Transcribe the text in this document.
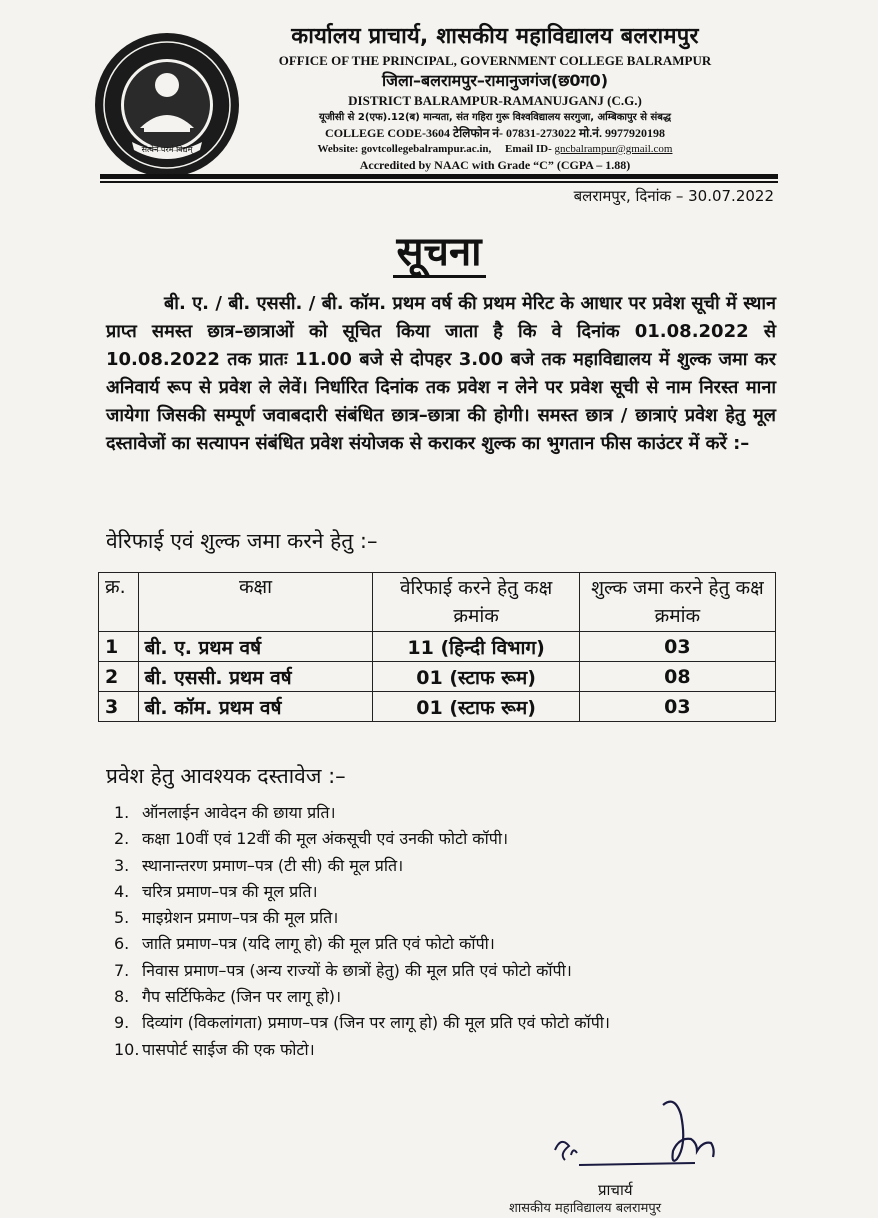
संत्येनं परमं विद्यम्
कार्यालय प्राचार्य, शासकीय महाविद्यालय बलरामपुर
OFFICE OF THE PRINCIPAL, GOVERNMENT COLLEGE BALRAMPUR
जिला–बलरामपुर–रामानुजगंज(छ0ग0)
DISTRICT BALRAMPUR-RAMANUJGANJ (C.G.)
यूजीसी से 2(एफ).12(ब) मान्यता, संत गहिरा गुरू विश्वविद्यालय सरगुजा, अम्बिकापुर से संबद्ध
COLLEGE CODE-3604 टेलिफोन नं- 07831-273022 मो.नं. 9977920198
Website: govtcollegebalrampur.ac.in, Email ID- gncbalrampur@gmail.com
Accredited by NAAC with Grade “C” (CGPA – 1.88)
बलरामपुर, दिनांक – 30.07.2022
सूचना
बी. ए. / बी. एससी. / बी. कॉम. प्रथम वर्ष की प्रथम मेरिट के आधार पर प्रवेश सूची में स्थान प्राप्त समस्त छात्र–छात्राओं को सूचित किया जाता है कि वे दिनांक 01.08.2022 से 10.08.2022 तक प्रातः 11.00 बजे से दोपहर 3.00 बजे तक महाविद्यालय में शुल्क जमा कर अनिवार्य रूप से प्रवेश ले लेवें। निर्धारित दिनांक तक प्रवेश न लेने पर प्रवेश सूची से नाम निरस्त माना जायेगा जिसकी सम्पूर्ण जवाबदारी संबंधित छात्र–छात्रा की होगी। समस्त छात्र / छात्राएं प्रवेश हेतु मूल दस्तावेजों का सत्यापन संबंधित प्रवेश संयोजक से कराकर शुल्क का भुगतान फीस काउंटर में करें :–
वेरिफाई एवं शुल्क जमा करने हेतु :–
क्र.	कक्षा	वेरिफाई करने हेतु कक्ष क्रमांक	शुल्क जमा करने हेतु कक्ष क्रमांक
1	बी. ए. प्रथम वर्ष	11 (हिन्दी विभाग)	03
2	बी. एससी. प्रथम वर्ष	01 (स्टाफ रूम)	08
3	बी. कॉम. प्रथम वर्ष	01 (स्टाफ रूम)	03
प्रवेश हेतु आवश्यक दस्तावेज :–
1. ऑनलाईन आवेदन की छाया प्रति।
2. कक्षा 10वीं एवं 12वीं की मूल अंकसूची एवं उनकी फोटो कॉपी।
3. स्थानान्तरण प्रमाण–पत्र (टी सी) की मूल प्रति।
4. चरित्र प्रमाण–पत्र की मूल प्रति।
5. माइग्रेशन प्रमाण–पत्र की मूल प्रति।
6. जाति प्रमाण–पत्र (यदि लागू हो) की मूल प्रति एवं फोटो कॉपी।
7. निवास प्रमाण–पत्र (अन्य राज्यों के छात्रों हेतु) की मूल प्रति एवं फोटो कॉपी।
8. गैप सर्टिफिकेट (जिन पर लागू हो)।
9. दिव्यांग (विकलांगता) प्रमाण–पत्र (जिन पर लागू हो) की मूल प्रति एवं फोटो कॉपी।
10. पासपोर्ट साईज की एक फोटो।
प्राचार्य
शासकीय महाविद्यालय बलरामपुर
